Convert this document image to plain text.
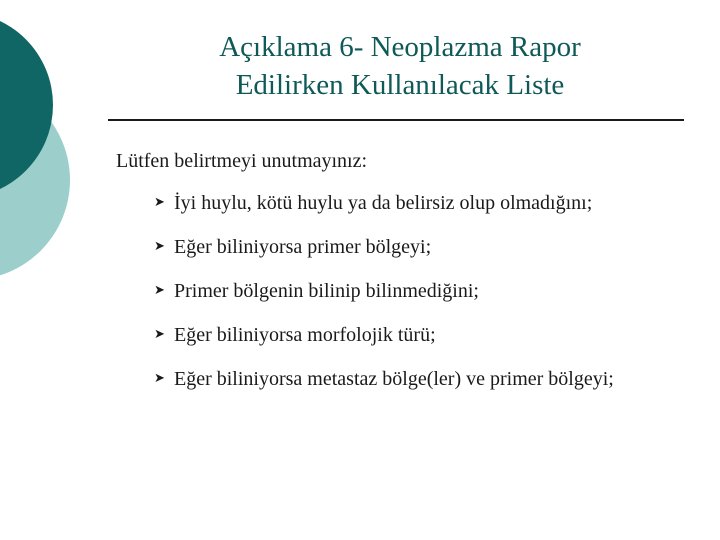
Açıklama 6- Neoplazma Rapor
Edilirken Kullanılacak Liste
Lütfen belirtmeyi unutmayınız:
➤ İyi huylu, kötü huylu ya da belirsiz olup olmadığını;
➤ Eğer biliniyorsa primer bölgeyi;
➤ Primer bölgenin bilinip bilinmediğini;
➤ Eğer biliniyorsa morfolojik türü;
➤ Eğer biliniyorsa metastaz bölge(ler) ve primer bölgeyi;
